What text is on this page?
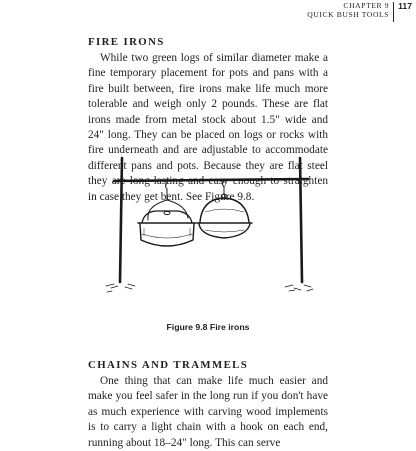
CHAPTER 9
QUICK BUSH TOOLS
117
FIRE IRONS

While two green logs of similar diameter make a fine temporary placement for pots and pans with a fire built between, fire irons make life much more tolerable and weigh only 2 pounds. These are flat irons made from metal stock about 1.5" wide and 24" long. They can be placed on logs or rocks with fire underneath and are adjustable to accommodate different pans and pots. Because they are flat steel they are long-lasting and easy enough to straighten in case they get bent. See Figure 9.8.

Figure 9.8 Fire irons

CHAINS AND TRAMMELS

One thing that can make life much easier and make you feel safer in the long run if you don't have as much experience with carving wood implements is to carry a light chain with a hook on each end, running about 18–24" long. This can serve
